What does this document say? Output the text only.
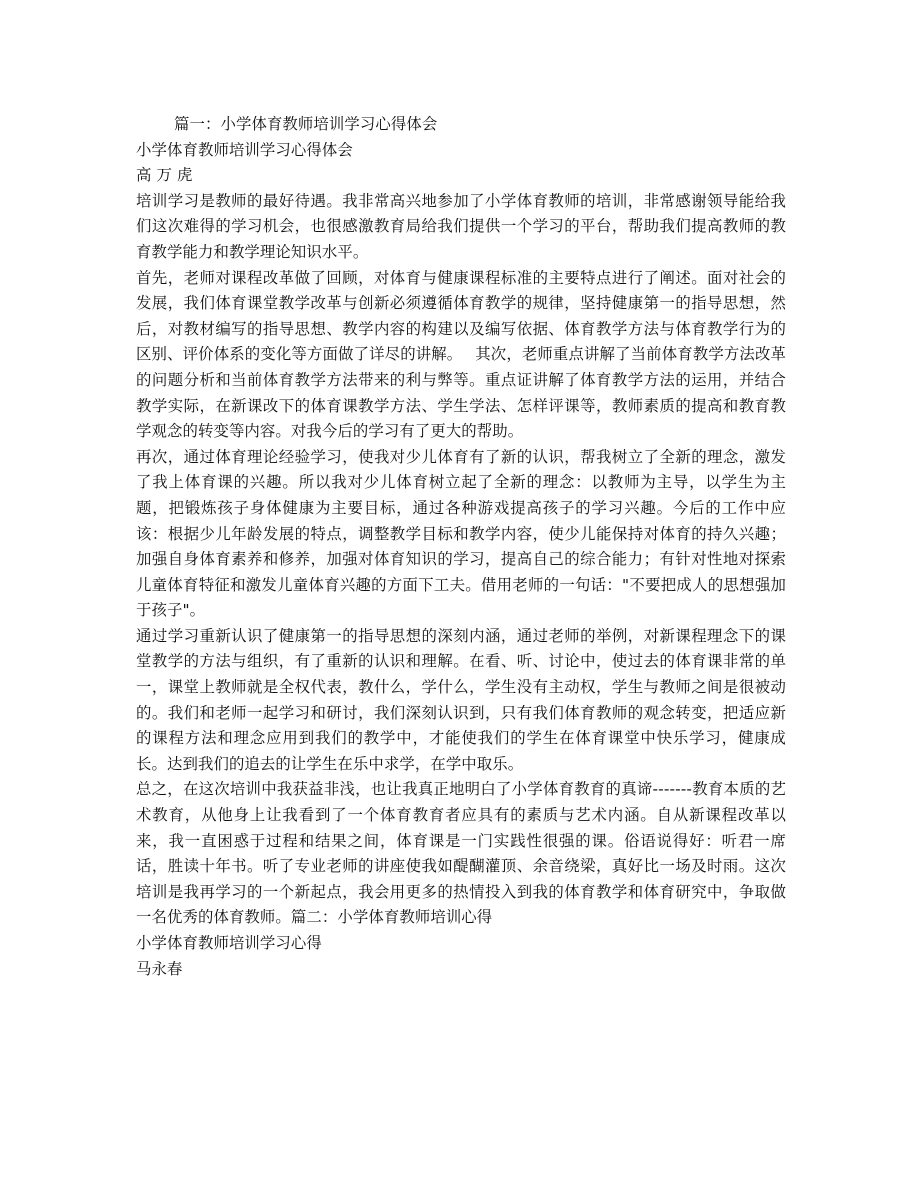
篇一：小学体育教师培训学习心得体会

小学体育教师培训学习心得体会

高 万 虎

培训学习是教师的最好待遇。我非常高兴地参加了小学体育教师的培训，非常感谢领导能给我们这次难得的学习机会，也很感激教育局给我们提供一个学习的平台，帮助我们提高教师的教育教学能力和教学理论知识水平。

首先，老师对课程改革做了回顾，对体育与健康课程标准的主要特点进行了阐述。面对社会的发展，我们体育课堂教学改革与创新必须遵循体育教学的规律，坚持健康第一的指导思想，然后，对教材编写的指导思想、教学内容的构建以及编写依据、体育教学方法与体育教学行为的区别、评价体系的变化等方面做了详尽的讲解。　 其次，老师重点讲解了当前体育教学方法改革的问题分析和当前体育教学方法带来的利与弊等。重点证讲解了体育教学方法的运用，并结合教学实际，在新课改下的体育课教学方法、学生学法、怎样评课等，教师素质的提高和教育教学观念的转变等内容。对我今后的学习有了更大的帮助。

再次，通过体育理论经验学习，使我对少儿体育有了新的认识，帮我树立了全新的理念，激发了我上体育课的兴趣。所以我对少儿体育树立起了全新的理念：以教师为主导，以学生为主题，把锻炼孩子身体健康为主要目标，通过各种游戏提高孩子的学习兴趣。今后的工作中应该：根据少儿年龄发展的特点，调整教学目标和教学内容，使少儿能保持对体育的持久兴趣；加强自身体育素养和修养，加强对体育知识的学习，提高自己的综合能力；有针对性地对探索儿童体育特征和激发儿童体育兴趣的方面下工夫。借用老师的一句话："不要把成人的思想强加于孩子"。

通过学习重新认识了健康第一的指导思想的深刻内涵，通过老师的举例，对新课程理念下的课堂教学的方法与组织，有了重新的认识和理解。在看、听、讨论中，使过去的体育课非常的单一，课堂上教师就是全权代表，教什么，学什么，学生没有主动权，学生与教师之间是很被动的。我们和老师一起学习和研讨，我们深刻认识到，只有我们体育教师的观念转变，把适应新的课程方法和理念应用到我们的教学中，才能使我们的学生在体育课堂中快乐学习，健康成长。达到我们的追去的让学生在乐中求学，在学中取乐。

总之，在这次培训中我获益非浅，也让我真正地明白了小学体育教育的真谛-------教育本质的艺术教育，从他身上让我看到了一个体育教育者应具有的素质与艺术内涵。自从新课程改革以来，我一直困惑于过程和结果之间，体育课是一门实践性很强的课。俗语说得好：听君一席话，胜读十年书。听了专业老师的讲座使我如醍醐灌顶、余音绕梁，真好比一场及时雨。这次培训是我再学习的一个新起点，我会用更多的热情投入到我的体育教学和体育研究中，争取做一名优秀的体育教师。篇二：小学体育教师培训心得

小学体育教师培训学习心得

马永春
